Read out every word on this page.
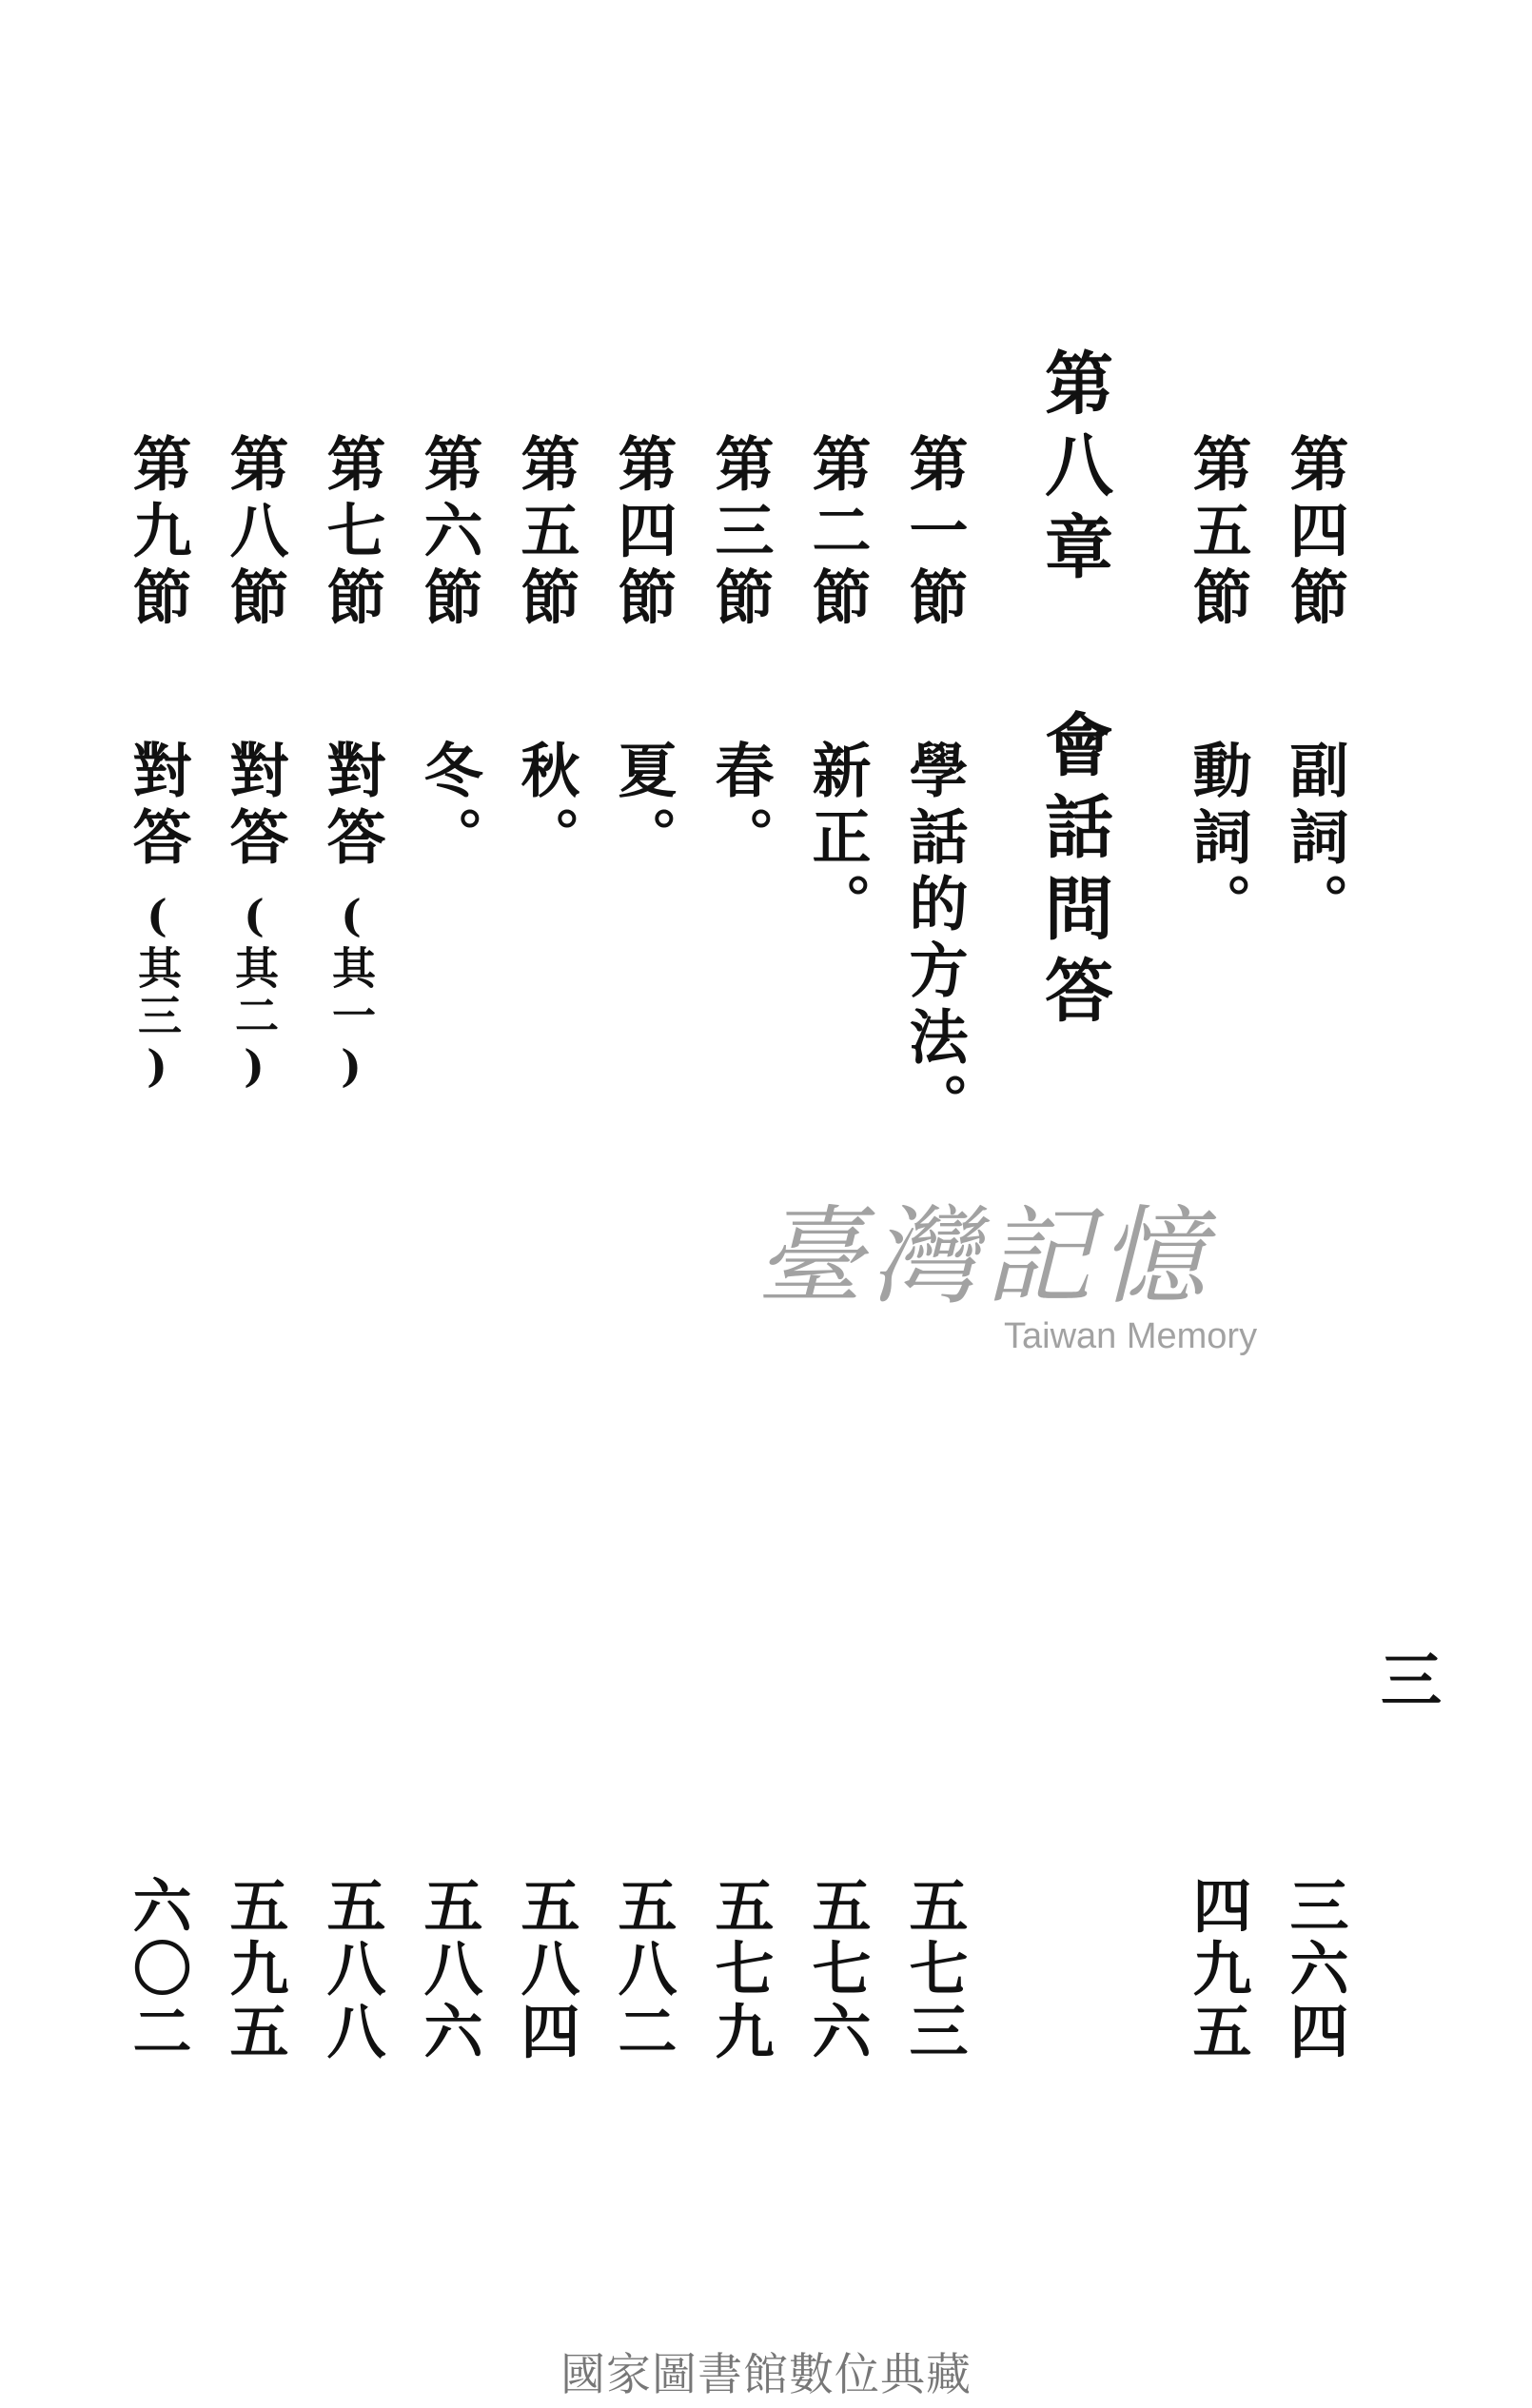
第四節副詞。
第五節動詞。
第八章會話問答
第一節學話的方法。
第二節新正。
第三節春。
第四節夏。
第五節秋。
第六節冬。
第七節對答(其一)
第八節對答(其二)
第九節對答(其三)
臺灣記憶
Taiwan Memory
三
三六四
四九五
五七三
五七六
五七九
五八二
五八四
五八六
五八八
五九五
六〇二
國家圖書館數位典藏
